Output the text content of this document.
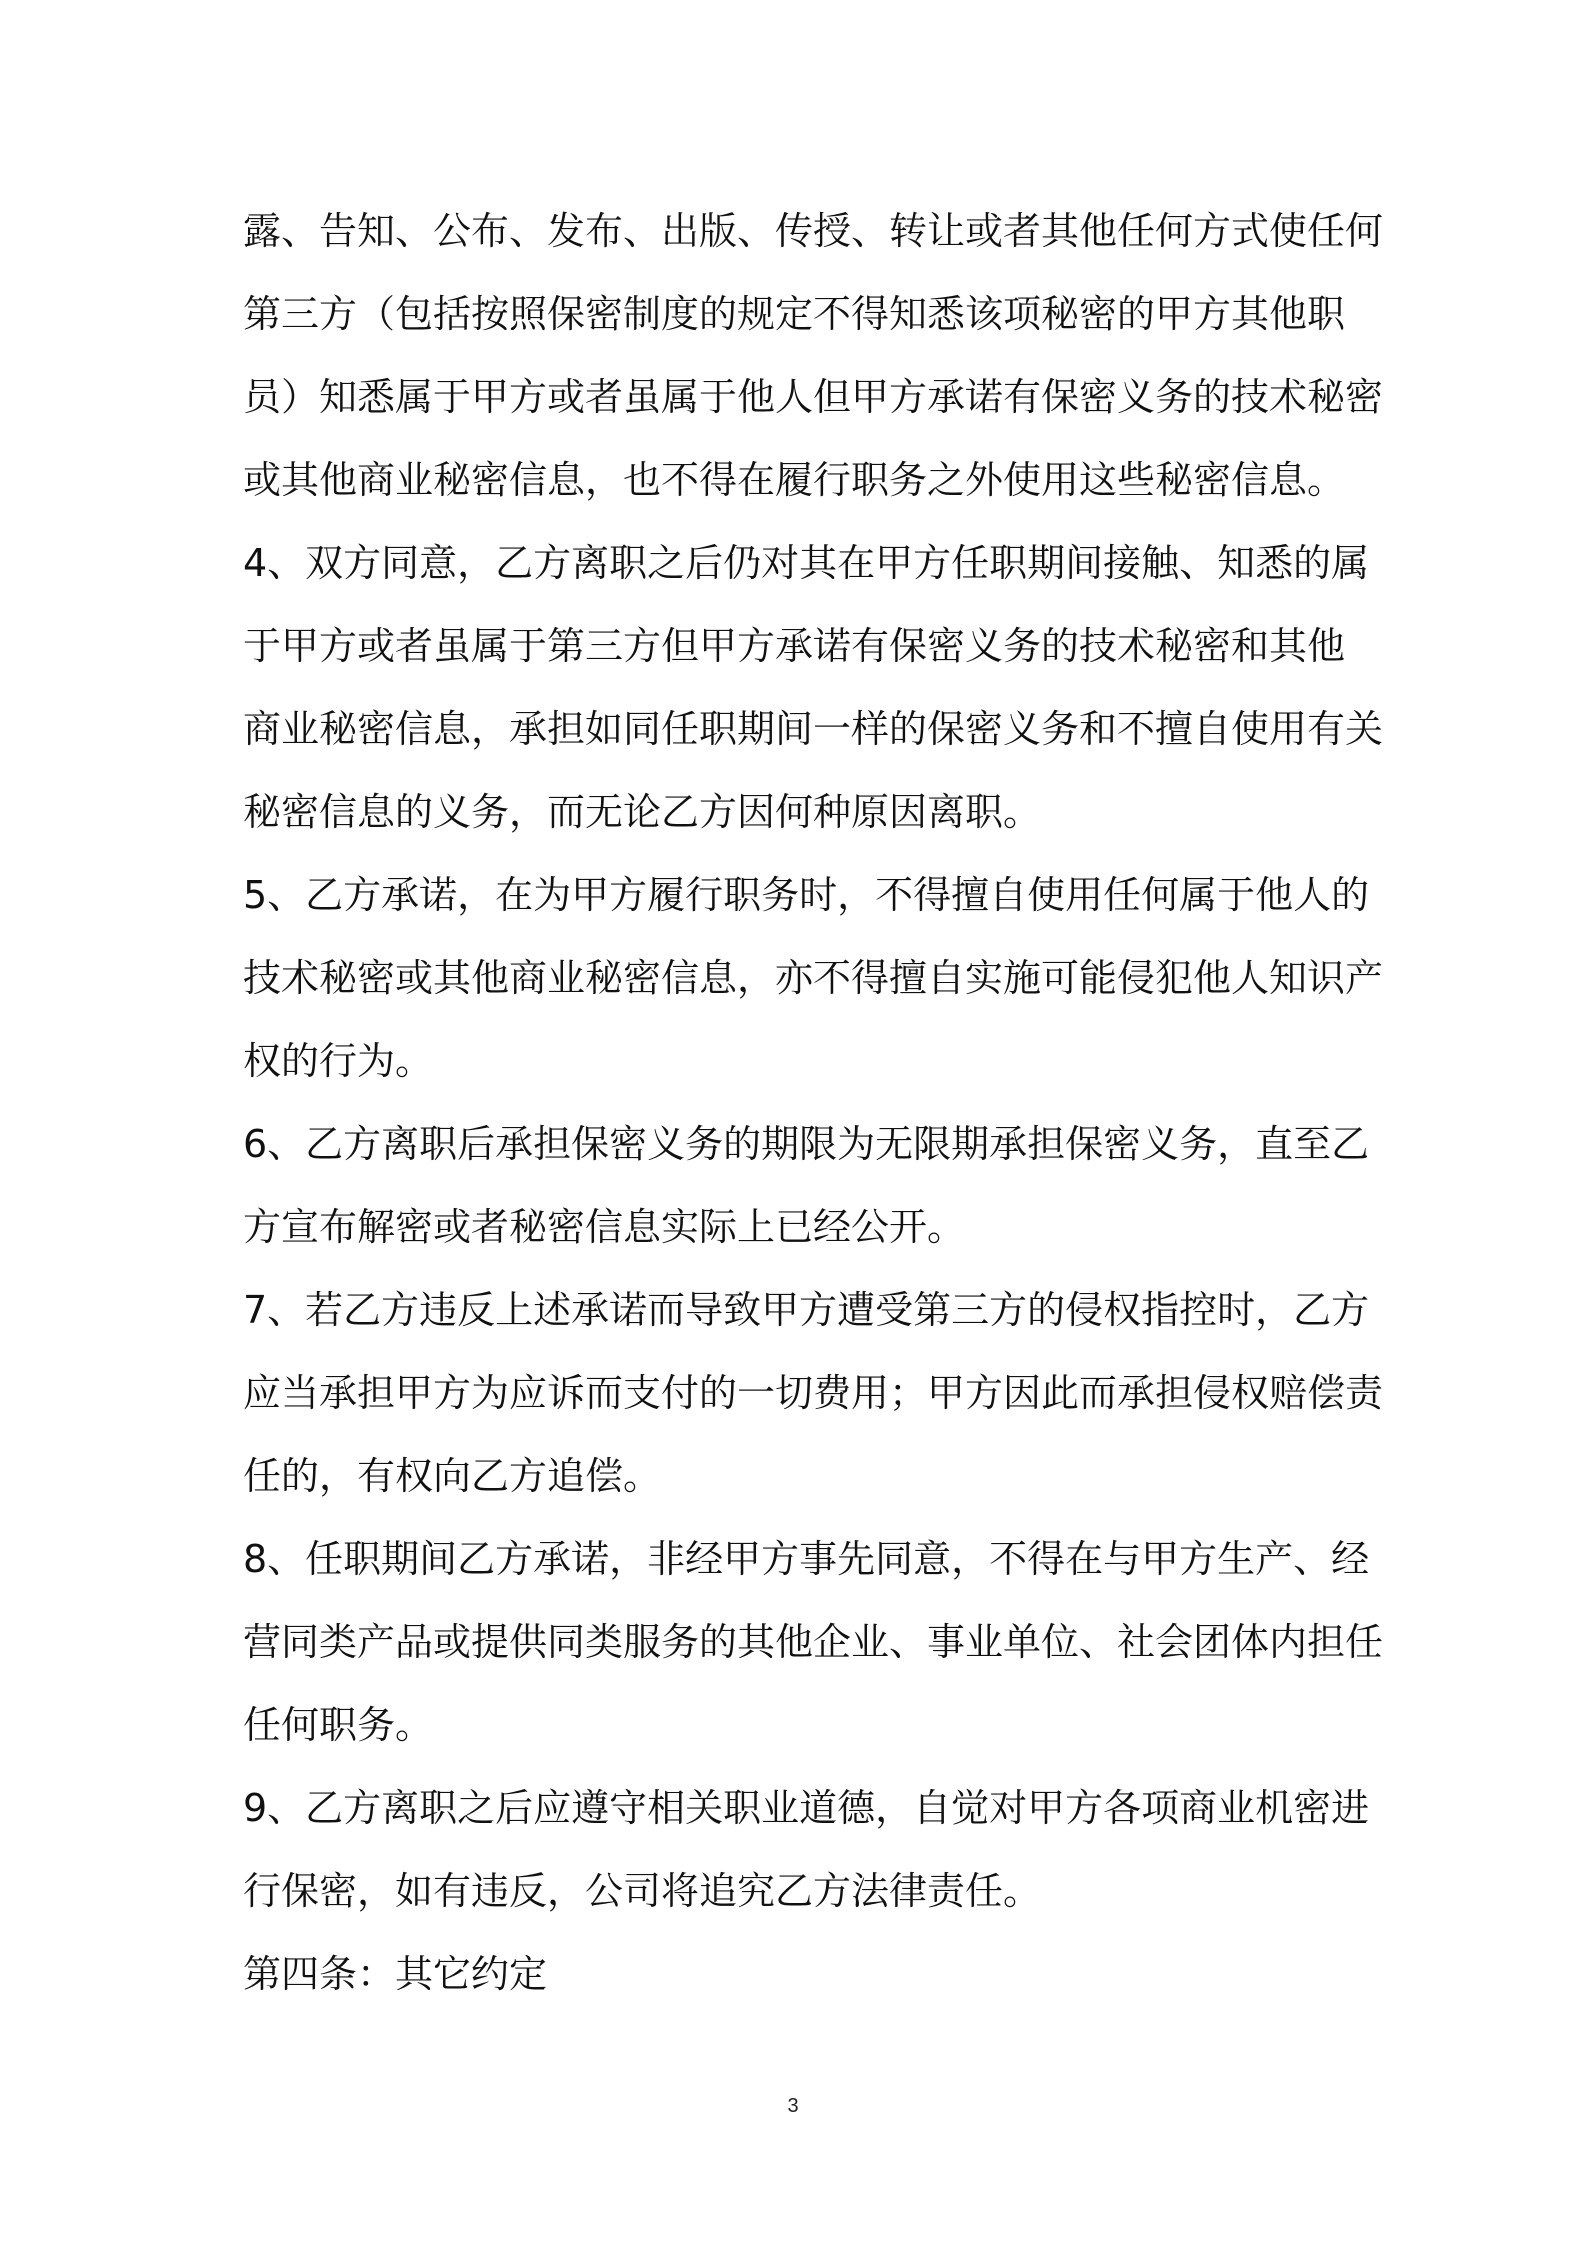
露、告知、公布、发布、出版、传授、转让或者其他任何方式使任何
第三方（包括按照保密制度的规定不得知悉该项秘密的甲方其他职
员）知悉属于甲方或者虽属于他人但甲方承诺有保密义务的技术秘密
或其他商业秘密信息，也不得在履行职务之外使用这些秘密信息。
4、双方同意，乙方离职之后仍对其在甲方任职期间接触、知悉的属
于甲方或者虽属于第三方但甲方承诺有保密义务的技术秘密和其他
商业秘密信息，承担如同任职期间一样的保密义务和不擅自使用有关
秘密信息的义务，而无论乙方因何种原因离职。
5、乙方承诺，在为甲方履行职务时，不得擅自使用任何属于他人的
技术秘密或其他商业秘密信息，亦不得擅自实施可能侵犯他人知识产
权的行为。
6、乙方离职后承担保密义务的期限为无限期承担保密义务，直至乙
方宣布解密或者秘密信息实际上已经公开。
7、若乙方违反上述承诺而导致甲方遭受第三方的侵权指控时，乙方
应当承担甲方为应诉而支付的一切费用；甲方因此而承担侵权赔偿责
任的，有权向乙方追偿。
8、任职期间乙方承诺，非经甲方事先同意，不得在与甲方生产、经
营同类产品或提供同类服务的其他企业、事业单位、社会团体内担任
任何职务。
9、乙方离职之后应遵守相关职业道德，自觉对甲方各项商业机密进
行保密，如有违反，公司将追究乙方法律责任。
第四条：其它约定
3
